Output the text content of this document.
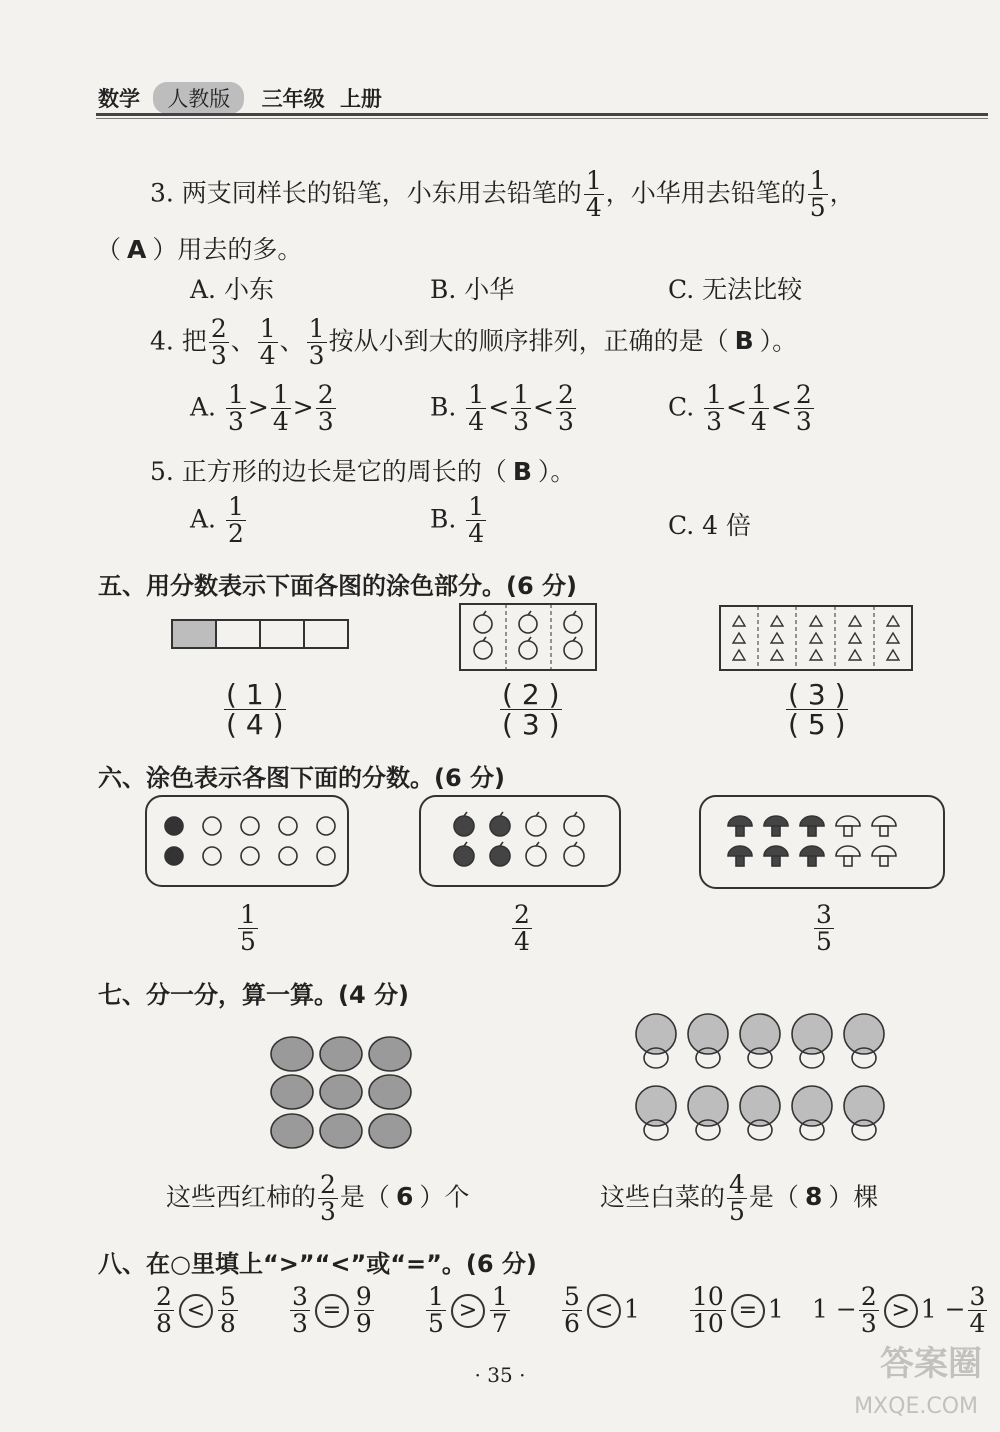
数学 人教版 三年级 上册
3. 两支同样长的铅笔，小东用去铅笔的 $\frac{1}{4}$ ，小华用去铅笔的 $\frac{1}{5}$ ，
（ A ）用去的多。
A. 小东	B. 小华	C. 无法比较
4. 把 $\frac{2}{3}$ 、 $\frac{1}{4}$ 、 $\frac{1}{3}$ 按从小到大的顺序排列，正确的是（ B ）。
A. $\frac{1}{3} > \frac{1}{4} > \frac{2}{3}$	B. $\frac{1}{4} < \frac{1}{3} < \frac{2}{3}$	C. $\frac{1}{3} < \frac{1}{4} < \frac{2}{3}$
5. 正方形的边长是它的周长的（ B ）。
A. $\frac{1}{2}$	B. $\frac{1}{4}$	C. 4 倍
五、用分数表示下面各图的涂色部分。(6 分)
$\frac{( 1 )}{( 4 )}$	$\frac{( 2 )}{( 3 )}$	$\frac{( 3 )}{( 5 )}$
六、涂色表示各图下面的分数。(6 分)
$\frac{1}{5}$	$\frac{2}{4}$	$\frac{3}{5}$
七、分一分，算一算。(4 分)
这些西红柿的 $\frac{2}{3}$ 是（ 6 ）个	这些白菜的 $\frac{4}{5}$ 是（ 8 ）棵
八、在○里填上“>”“<”或“=”。(6 分)
$\frac{2}{8} < \frac{5}{8} \frac{3}{3} = \frac{9}{9} \frac{1}{5} > \frac{1}{7} \frac{5}{6} < 1 \frac{10}{10} = 1$ $1 - \frac{2}{3} > 1 - \frac{3}{4}$
· 35 ·	答案圈
MXQE.COM
